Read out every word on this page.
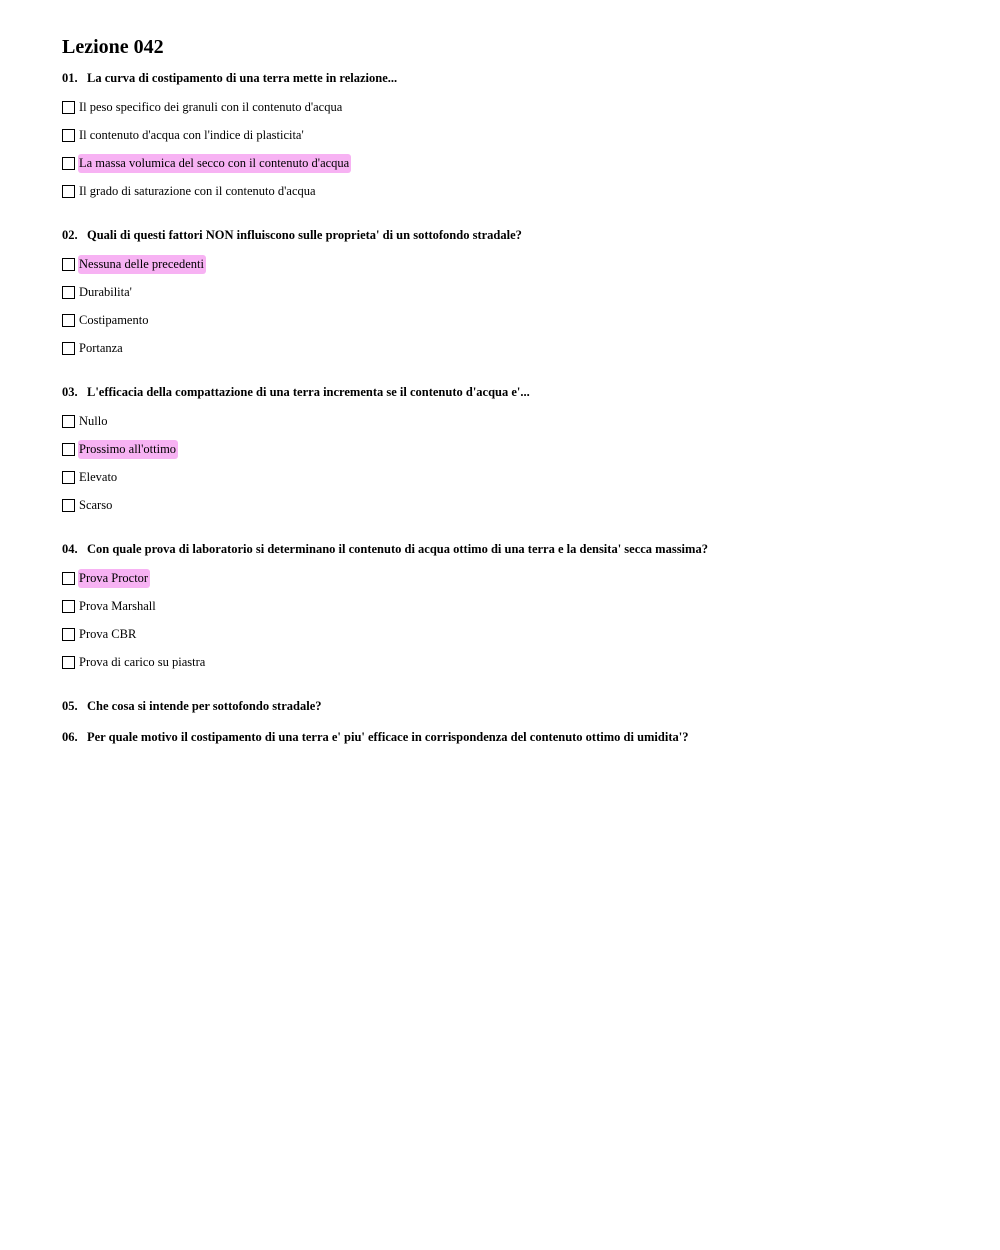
Lezione 042
01. La curva di costipamento di una terra mette in relazione...
Il peso specifico dei granuli con il contenuto d'acqua
Il contenuto d'acqua con l'indice di plasticita'
La massa volumica del secco con il contenuto d'acqua
Il grado di saturazione con il contenuto d'acqua
02. Quali di questi fattori NON influiscono sulle proprieta' di un sottofondo stradale?
Nessuna delle precedenti
Durabilita'
Costipamento
Portanza
03. L'efficacia della compattazione di una terra incrementa se il contenuto d'acqua e'...
Nullo
Prossimo all'ottimo
Elevato
Scarso
04. Con quale prova di laboratorio si determinano il contenuto di acqua ottimo di una terra e la densita' secca massima?
Prova Proctor
Prova Marshall
Prova CBR
Prova di carico su piastra
05. Che cosa si intende per sottofondo stradale?
06. Per quale motivo il costipamento di una terra e' piu' efficace in corrispondenza del contenuto ottimo di umidita'?
